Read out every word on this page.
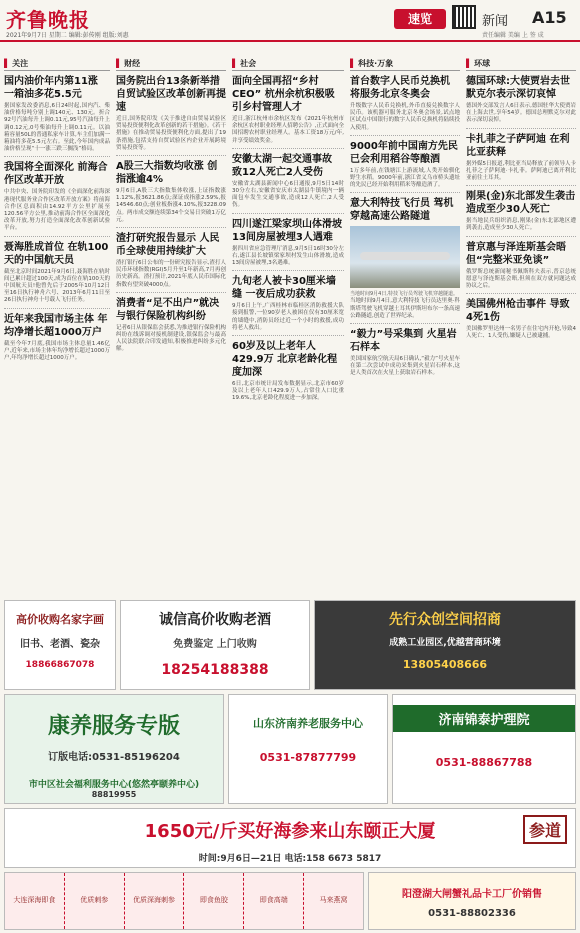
齐鲁晚报
2021年9月7日 星期二 编辑:彭传刚 组版:刘惠
速览	新闻 A15
责任编辑 美编 上 签 成
▌ 关注
国内油价年内第11涨 一箱油多花5.5元
据国家发改委消息,6日24时起,国内汽、柴油价格每吨分别上调140元、130元。折合92号汽油每升上调0.11元,95号汽油每升上调0.12元,0号柴油每升上调0.11元。以油箱容量50L的普通私家车计算,车主们加满一箱油将多花5.5元左右。至此,今年国内成品油价格呈现“十一涨三跌三搁浅”格局。
我国将全面深化 前海合作区改革开放
中共中央、国务院印发的《全面深化前海深港现代服务业合作区改革开放方案》将前海合作区总面积由14.92平方公里扩展至120.56平方公里,推动前海合作区全面深化改革开放,努力打造全面深化改革创新试验平台。
聂海胜成首位 在轨100天的中国航天员
截至北京时间2021年9月6日,聂海胜在轨时间已累计超过100天,成为首位在轨100天的中国航天员!他曾先后于2005年10月12日至16日执行神舟六号、2013年6月11日至26日执行神舟十号载人飞行任务。
近年来我国市场主体 年均净增长超1000万户
截至今年7月底,我国市场主体总量1.46亿户,近年来,市场主体年均净增长超过1000万户,年均净增长超过1000万户。
▌ 财经
国务院出台13条新举措 自贸试验区改革创新再提速
近日,国务院印发《关于推进自由贸易试验区贸易投资便利化改革创新的若干措施》。《若干措施》在推动贸易投资便利化方面,提出了19条措施,包括支持自贸试验区内企业开展跨境贸易投资等。
A股三大指数均收涨 创指涨逾4%
9月6日,A股三大指数集体收涨,上证指数涨1.12%,报3621.86点;深证成指涨2.59%,报14546.60点;创业板指涨4.10%,报3228.09点。两市成交额连续第34个交易日突破1万亿元。
渣打研究报告显示 人民币全球使用持续扩大
渣打银行6日公布的一份研究报告显示,渣打人民币环球指数(RGI)5月升至1年新高,7月再创历史新高。渣打预计,2021年底人民币国际化指数有望突破4000点。
消费者“足不出户”就决 与银行保险机构纠纷
记者6日从银保监会获悉,为推进银行保险机构纠纷在线诉调对接机制建设,银保监会与最高人民法院联合印发通知,积极推进纠纷多元化解。
▌ 社会
面向全国再招“乡村CEO” 杭州余杭积极吸引乡村管理人才
近日,浙江杭州市余杭区发布《2021年杭州市余杭区农村职业经理人招聘公告》,正式面向全国招聘农村职业经理人。基本工资18万元/年,并享受绩效奖金。
安徽太湖一起交通事故 致12人死亡2人受伤
安徽省太湖县新闻中心6日通报,9月5日14时30分左右,安徽省安庆市太湖县牛镇境内一辆面包车发生交通事故,造成12人死亡,2人受伤。
四川遂江梁家坝山体滑坡 13间房屋被埋3人遇难
据四川省应急管理厅消息,9月5日16时30分左右,遂江县长坡镇梁家坝村发生山体滑坡,造成13间房屋被埋,3名遇难。
九旬老人被卡30厘米墙缝 一夜后成功获救
9月6日上午,广西桂林市临桂区消防救援大队接到报警,一位90岁老人被困在仅有30厘米宽的墙缝中,消防员经过近一个小时的救援,成功将老人救出。
60岁及以上老年人429.9万 北京老龄化程度加深
6日,北京市统计局发布数据显示,北京市60岁及以上老年人口429.9万人,占常住人口比重19.6%,北京老龄化程度进一步加深。
▌ 科技·万象
首台数字人民币兑换机 将服务北京冬奥会
升级数字人民币兑换机,外币直接兑换数字人民币。该机器可服务北京冬奥会场景,试点地区试点中国银行的数字人民币兑换机将陆续投入使用。
9000年前中国南方先民 已会利用稻谷等酿酒
1万多年前,在钱塘江上游流域,人类开始驯化野生水稻。9000年前,浙江省义乌市桥头遗址的先民已经开始利用稻米等酿造酒了。
意大利特技飞行员 驾机穿越高速公路隧道
当地时间9月4日,特技飞行员驾驶飞机穿越隧道。
当地时间9月4日,意大利特技飞行员达里奥·科斯塔驾驶飞机穿越土耳其伊斯坦布尔一条高速公路隧道,创造了世界纪录。
“毅力”号采集到 火星岩石样本
美国国家航空航天局6日确认,“毅力”号火星车在第二次尝试中成功采集到火星岩石样本,这是人类首次在火星上获取岩石样本。
▌ 环球
德国环球:大使贾岩去世 默克尔表示深切哀悼
德国外交部发言人6日表示,德国驻华大使贾岩在上海去世,享年54岁。德国总理默克尔对此表示深切哀悼。
卡扎菲之子萨阿迪 在利比亚获释
据外媒5日报道,利比亚当局释放了前领导人卡扎菲之子萨阿迪·卡扎菲。萨阿迪已离开利比亚前往土耳其。
刚果(金)东北部发生袭击 造成至少30人死亡
据当地民兵组织消息,刚果(金)东北部地区遭到袭击,造成至少30人死亡。
普京惠与泽连斯基会晤 但“完整米亚免谈”
俄罗斯总统新闻秘书佩斯科夫表示,普京总统愿意与泽连斯基会晤,但须在双方就问题达成协议之后。
美国佛州枪击事件 导致4死1伤
美国佛罗里达州一名男子在住宅内开枪,导致4人死亡、1人受伤,嫌疑人已被逮捕。
高价收购名家字画
旧书、老酒、瓷杂
18866867078
诚信高价收购老酒
免费鉴定 上门收购
18254188388
先行众创空间招商
成熟工业园区,优越营商环境
13805408666
康养服务专版
订版电话:0531-85196204
市中区社会福利服务中心(悠然亭颐养中心)
88819955
山东济南养老服务中心
0531-87877799
济南锦泰护理院
0531-88867788
1650元/斤买好海参来山东颐正大厦
时间:9月6日—21日 电话:158 6673 5817
参道
大连深海即食	优质刺参	优质深海刺参	即食鱼胶	即食高端	马来燕窝	阳澄湖大闸蟹礼品卡工厂价销售
0531-88802336
